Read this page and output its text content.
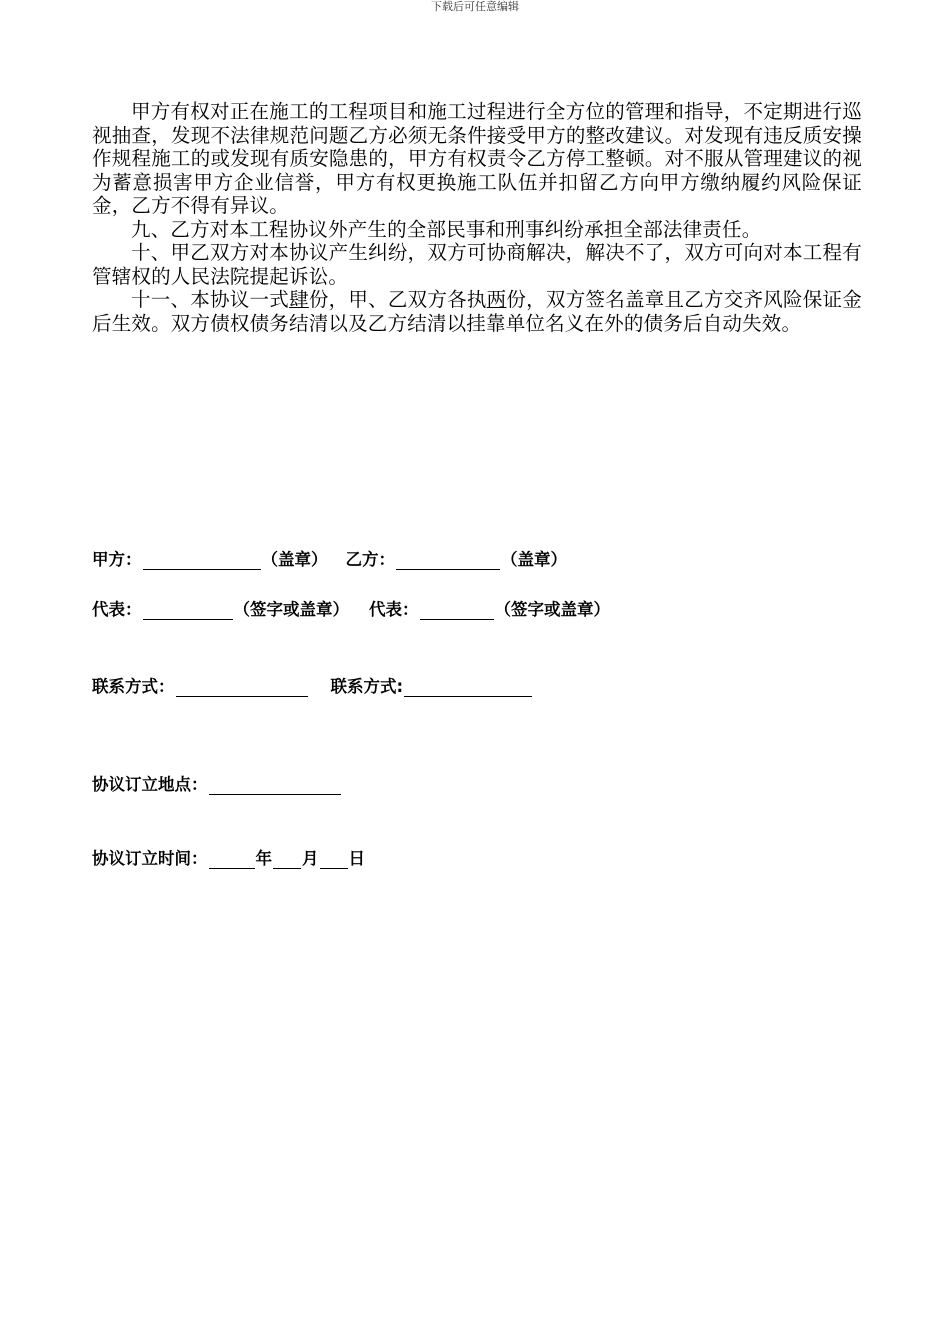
下载后可任意编辑

甲方有权对正在施工的工程项目和施工过程进行全方位的管理和指导，不定期进行巡视抽查，发现不法律规范问题乙方必须无条件接受甲方的整改建议。对发现有违反质安操作规程施工的或发现有质安隐患的，甲方有权责令乙方停工整顿。对不服从管理建议的视为蓄意损害甲方企业信誉，甲方有权更换施工队伍并扣留乙方向甲方缴纳履约风险保证金，乙方不得有异议。

九、乙方对本工程协议外产生的全部民事和刑事纠纷承担全部法律责任。

十、甲乙双方对本协议产生纠纷，双方可协商解决，解决不了，双方可向对本工程有管辖权的人民法院提起诉讼。

十一、本协议一式肆份，甲、乙双方各执两份，双方签名盖章且乙方交齐风险保证金后生效。双方债权债务结清以及乙方结清以挂靠单位名义在外的债务后自动失效。

甲方：	（盖章） 乙方：	（盖章）
代表：	（签字或盖章） 代表：	（签字或盖章）
联系方式：	联系方式:
协议订立地点：
协议订立时间：	年 月 日
